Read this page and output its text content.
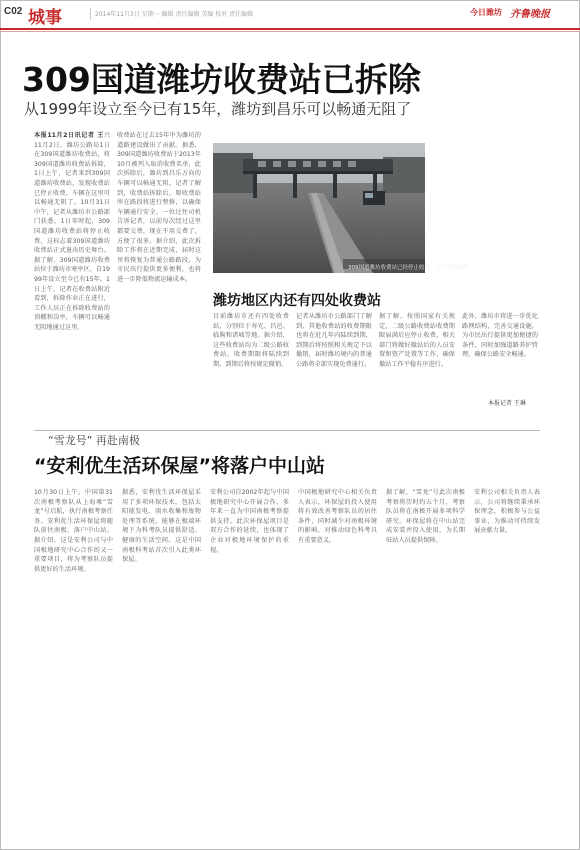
C02 城事	2014年11月3日 星期一 编辑 责任编辑 美编 校对 责任编辑	今日潍坊 齐鲁晚报
309国道潍坊收费站已拆除
从1999年设立至今已有15年，潍坊到昌乐可以畅通无阻了
本报11月2日讯记者 王兴 11月2日，潍坊公路局1日在309国道潍坊收费站，将309国道潍坊收费站拆除，1日上午，记者来到309国道潍坊收费站，发现收费站已停止收费，车辆在这里可以畅通无阻了。10月31日中午，记者从潍坊市公路部门获悉，1日零时起，309国道潍坊收费站将停止收费，这标志着309国道潍坊收费站正式退出历史舞台。据了解，309国道潍坊收费站位于潍坊市寒亭区，自1999年设立至今已有15年。1日上午，记者在收费站附近看到，拆除作业正在进行，工作人员正在拆除收费站的顶棚和岗亭，车辆可以畅通无阻地通过这里。
收费站在过去15年中为潍坊的道路建设做出了贡献。据悉，309国道潍坊收费站于2013年10月被列入取消收费名单，此次拆除后，潍坊到昌乐方向的车辆可以畅通无阻。记者了解到，收费站拆除后，原收费站所在路段将进行整修，以确保车辆通行安全。一位过往司机告诉记者，以前每次经过这里都要交费，现在不用交费了，方便了很多。据介绍，此次拆除工作将在近期完成，届时这里将恢复为普通公路路段，为市民出行提供更多便利，也将进一步降低物流运输成本。
309国道潍坊收费站已经停止收费，正在进行拆除。
潍坊地区内还有四处收费站
目前潍坊市还有四处收费站，分别位于寿光、昌邑、临朐和诸城等地。据介绍，这些收费站均为二级公路收费站，收费期限将陆续到期，到期后将按规定撤销。
记者从潍坊市公路部门了解到，其他收费站的收费期限也将在近几年内陆续到期，到期后将按照相关规定予以撤销，届时潍坊境内的普通公路将全部实现免费通行。
据了解，按照国家有关规定，二级公路收费站收费期限届满后应停止收费，相关部门将做好撤站后的人员安置和资产处置等工作，确保撤站工作平稳有序进行。
此外，潍坊市将进一步优化路网结构，完善交通设施，为市民出行提供更加便捷的条件，同时加强道路养护管理，确保公路安全畅通。
本报记者 王琳
“雪龙号” 再赴南极
“安利优生活环保屋”将落户中山站
10月30日上午，中国第31次南极考察队从上海乘“雪龙”号启航，执行南极考察任务。安利优生活环保屋将随队前往南极，落户中山站。据介绍，这是安利公司与中国极地研究中心合作的又一重要项目，将为考察队员提供更好的生活环境。
据悉，安利优生活环保屋采用了多项环保技术，包括太阳能发电、雨水收集和废物处理等系统，能够在极端环境下为科考队员提供舒适、健康的生活空间。这是中国南极科考站首次引入此类环保屋。
安利公司自2002年起与中国极地研究中心开展合作，多年来一直为中国南极考察提供支持。此次环保屋项目是双方合作的延续，也体现了企业对极地环境保护的重视。
中国极地研究中心相关负责人表示，环保屋的投入使用将有效改善考察队员的居住条件，同时减少对南极环境的影响，对推动绿色科考具有重要意义。
据了解，“雪龙”号此次南极考察将历时约五个月，考察队员将在南极开展多项科学研究。环保屋将在中山站完成安装并投入使用，为长期驻站人员提供保障。
安利公司相关负责人表示，公司将继续秉承环保理念，积极参与公益事业，为推动可持续发展贡献力量。
